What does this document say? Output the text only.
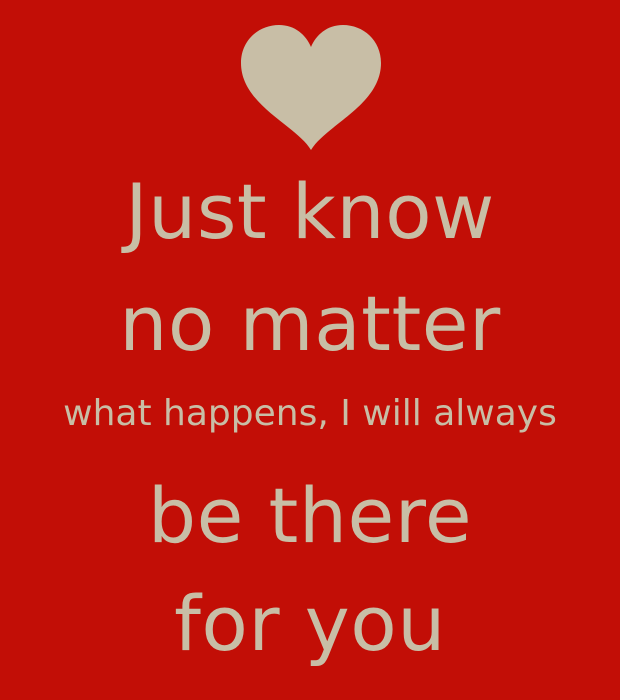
Just know
no matter
what happens, I will always
be there
for you
